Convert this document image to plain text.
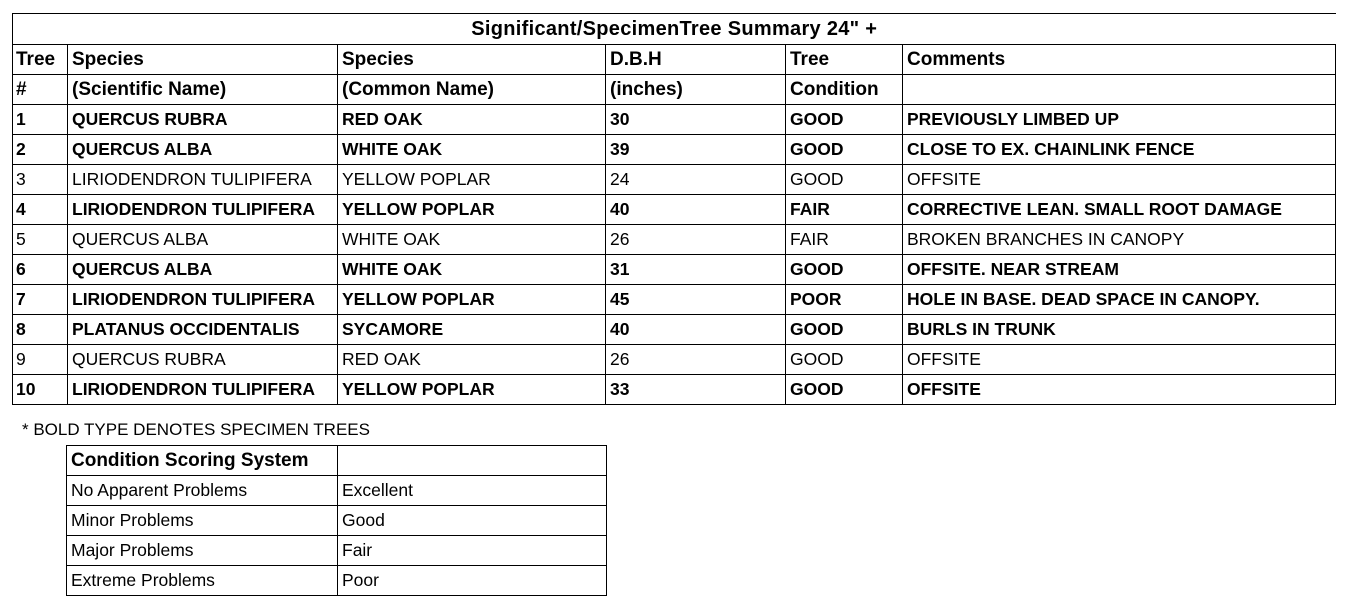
Significant/SpecimenTree Summary 24" +					
Tree	Species	Species	D.B.H	Tree	Comments
#	(Scientific Name)	(Common Name)	(inches)	Condition	
1	QUERCUS RUBRA	RED OAK	30	GOOD	PREVIOUSLY LIMBED UP
2	QUERCUS ALBA	WHITE OAK	39	GOOD	CLOSE TO EX. CHAINLINK FENCE
3	LIRIODENDRON TULIPIFERA	YELLOW POPLAR	24	GOOD	OFFSITE
4	LIRIODENDRON TULIPIFERA	YELLOW POPLAR	40	FAIR	CORRECTIVE LEAN. SMALL ROOT DAMAGE
5	QUERCUS ALBA	WHITE OAK	26	FAIR	BROKEN BRANCHES IN CANOPY
6	QUERCUS ALBA	WHITE OAK	31	GOOD	OFFSITE. NEAR STREAM
7	LIRIODENDRON TULIPIFERA	YELLOW POPLAR	45	POOR	HOLE IN BASE. DEAD SPACE IN CANOPY.
8	PLATANUS OCCIDENTALIS	SYCAMORE	40	GOOD	BURLS IN TRUNK
9	QUERCUS RUBRA	RED OAK	26	GOOD	OFFSITE
10	LIRIODENDRON TULIPIFERA	YELLOW POPLAR	33	GOOD	OFFSITE
* BOLD TYPE DENOTES SPECIMEN TREES
Condition Scoring System	
No Apparent Problems	Excellent
Minor Problems	Good
Major Problems	Fair
Extreme Problems	Poor
